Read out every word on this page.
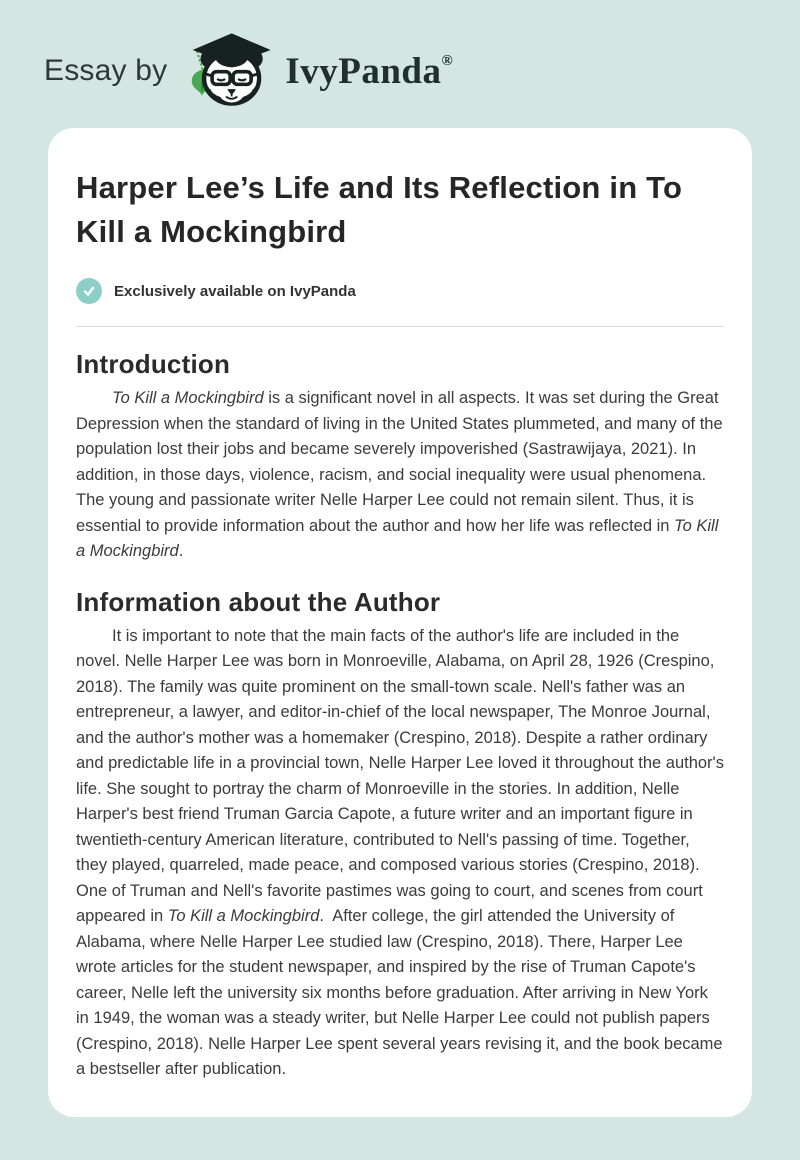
Essay by	IvyPanda®
Harper Lee’s Life and Its Reflection in To Kill a Mockingbird
Exclusively available on IvyPanda
Introduction

To Kill a Mockingbird is a significant novel in all aspects. It was set during the Great Depression when the standard of living in the United States plummeted, and many of the population lost their jobs and became severely impoverished (Sastrawijaya, 2021). In addition, in those days, violence, racism, and social inequality were usual phenomena. The young and passionate writer Nelle Harper Lee could not remain silent. Thus, it is essential to provide information about the author and how her life was reflected in To Kill a Mockingbird.

Information about the Author

It is important to note that the main facts of the author's life are included in the novel. Nelle Harper Lee was born in Monroeville, Alabama, on April 28, 1926 (Crespino, 2018). The family was quite prominent on the small-town scale. Nell's father was an entrepreneur, a lawyer, and editor-in-chief of the local newspaper, The Monroe Journal, and the author's mother was a homemaker (Crespino, 2018). Despite a rather ordinary and predictable life in a provincial town, Nelle Harper Lee loved it throughout the author's life. She sought to portray the charm of Monroeville in the stories. In addition, Nelle Harper's best friend Truman Garcia Capote, a future writer and an important figure in twentieth-century American literature, contributed to Nell's passing of time. Together, they played, quarreled, made peace, and composed various stories (Crespino, 2018). One of Truman and Nell's favorite pastimes was going to court, and scenes from court appeared in To Kill a Mockingbird.  After college, the girl attended the University of Alabama, where Nelle Harper Lee studied law (Crespino, 2018). There, Harper Lee wrote articles for the student newspaper, and inspired by the rise of Truman Capote's career, Nelle left the university six months before graduation. After arriving in New York in 1949, the woman was a steady writer, but Nelle Harper Lee could not publish papers (Crespino, 2018). Nelle Harper Lee spent several years revising it, and the book became a bestseller after publication.
